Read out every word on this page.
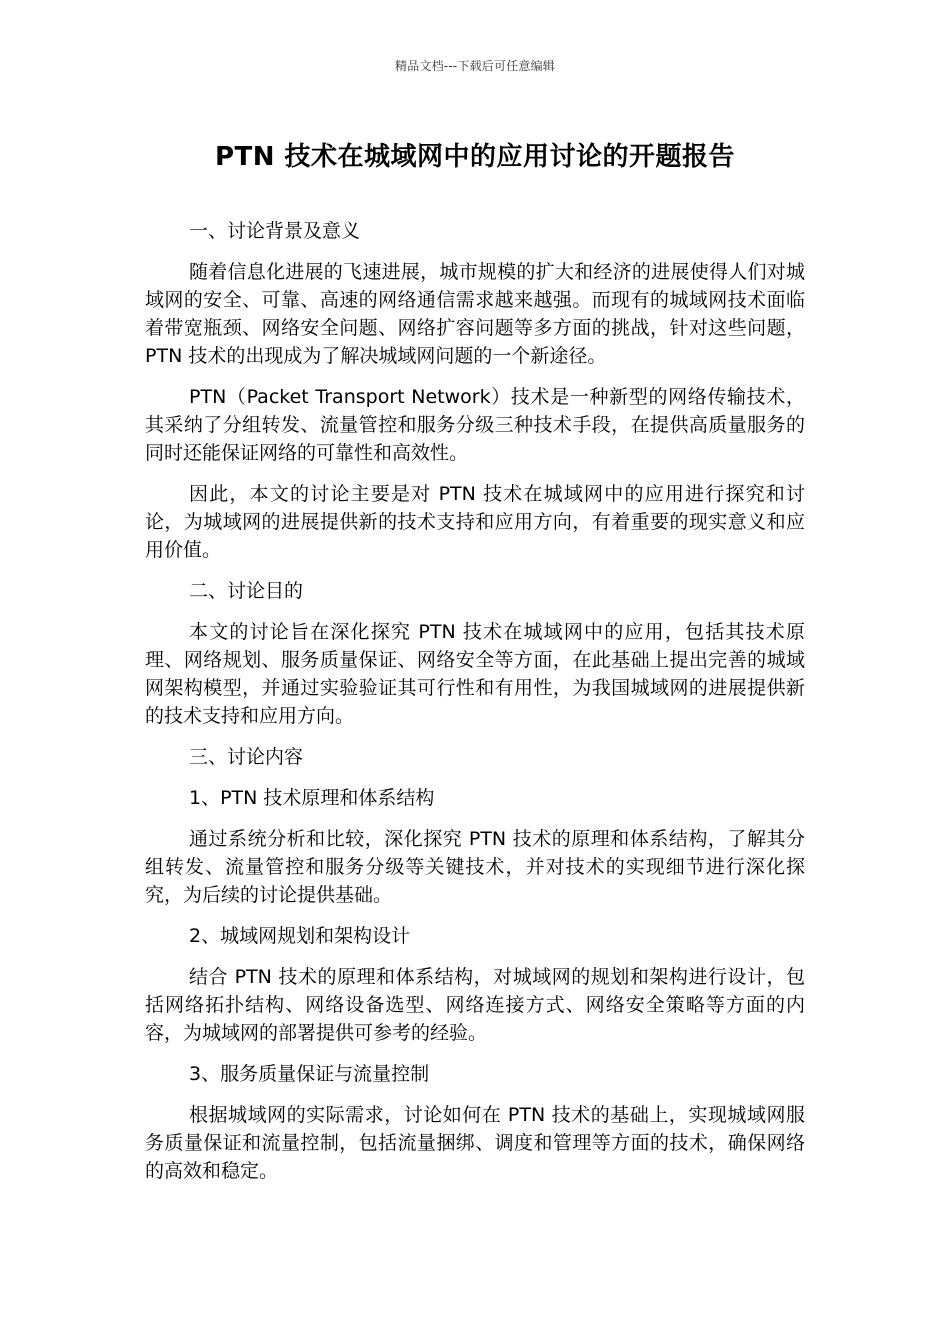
精品文档---下载后可任意编辑
PTN 技术在城域网中的应用讨论的开题报告

一、讨论背景及意义

随着信息化进展的飞速进展，城市规模的扩大和经济的进展使得人们对城域网的安全、可靠、高速的网络通信需求越来越强。而现有的城域网技术面临着带宽瓶颈、网络安全问题、网络扩容问题等多方面的挑战，针对这些问题，PTN 技术的出现成为了解决城域网问题的一个新途径。

PTN（Packet Transport Network）技术是一种新型的网络传输技术，其采纳了分组转发、流量管控和服务分级三种技术手段，在提供高质量服务的同时还能保证网络的可靠性和高效性。

因此，本文的讨论主要是对 PTN 技术在城域网中的应用进行探究和讨论，为城域网的进展提供新的技术支持和应用方向，有着重要的现实意义和应用价值。

二、讨论目的

本文的讨论旨在深化探究 PTN 技术在城域网中的应用，包括其技术原理、网络规划、服务质量保证、网络安全等方面，在此基础上提出完善的城域网架构模型，并通过实验验证其可行性和有用性，为我国城域网的进展提供新的技术支持和应用方向。

三、讨论内容

1、PTN 技术原理和体系结构

通过系统分析和比较，深化探究 PTN 技术的原理和体系结构，了解其分组转发、流量管控和服务分级等关键技术，并对技术的实现细节进行深化探究，为后续的讨论提供基础。

2、城域网规划和架构设计

结合 PTN 技术的原理和体系结构，对城域网的规划和架构进行设计，包括网络拓扑结构、网络设备选型、网络连接方式、网络安全策略等方面的内容，为城域网的部署提供可参考的经验。

3、服务质量保证与流量控制

根据城域网的实际需求，讨论如何在 PTN 技术的基础上，实现城域网服务质量保证和流量控制，包括流量捆绑、调度和管理等方面的技术，确保网络的高效和稳定。
